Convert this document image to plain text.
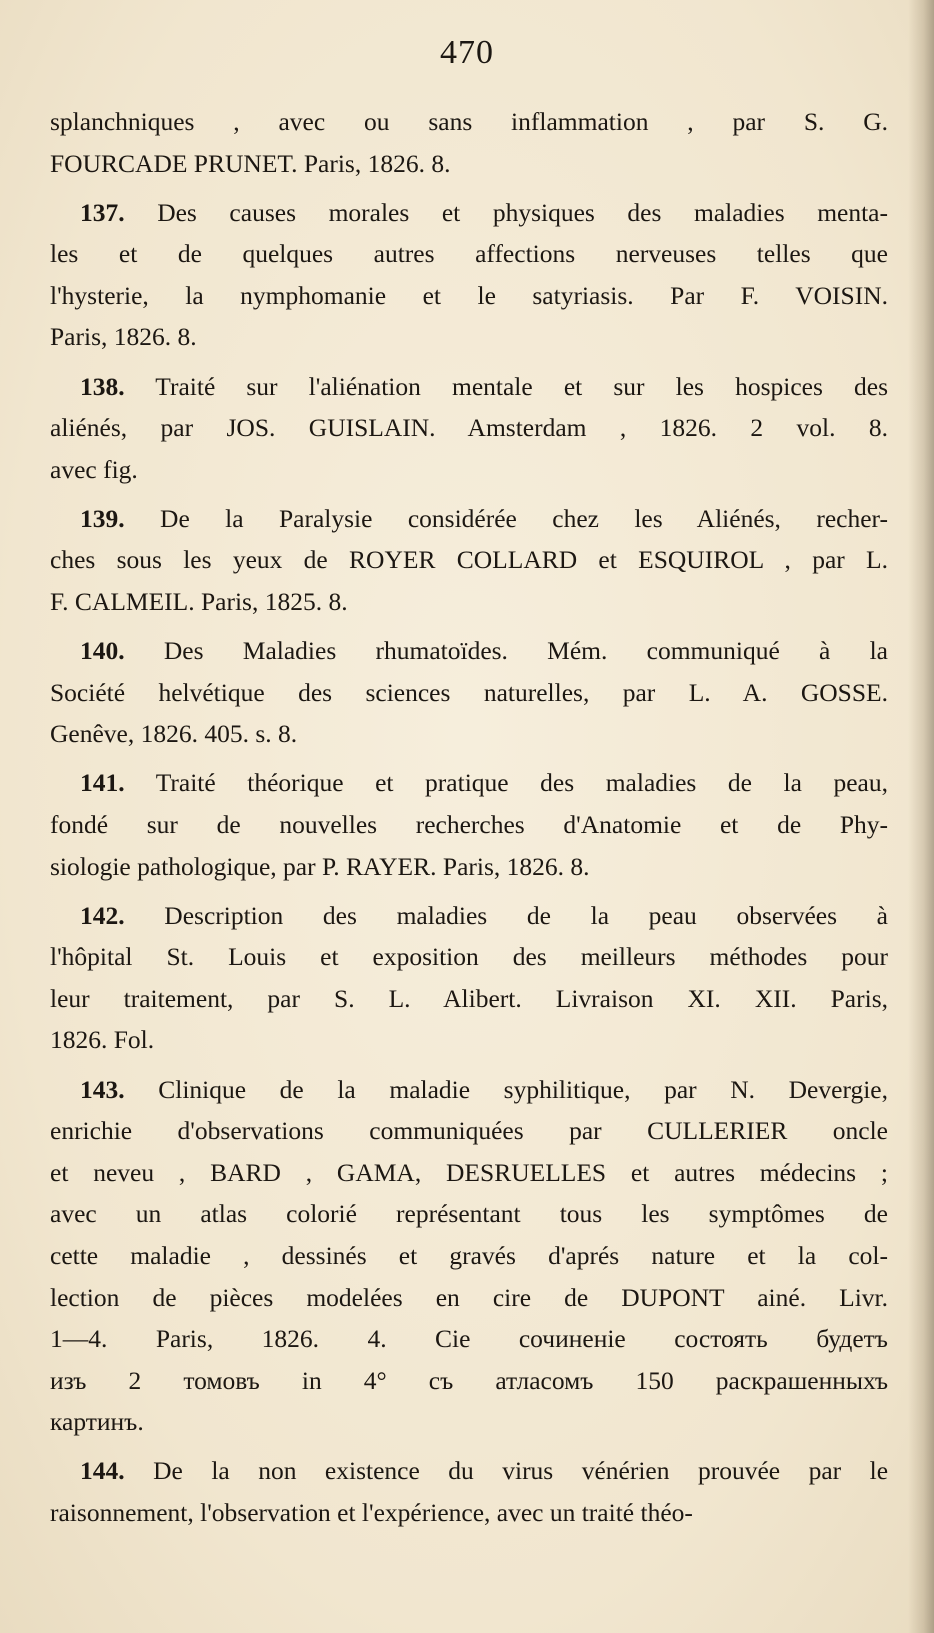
470
splanchniques , avec ou sans inflammation , par S. G.
FOURCADE PRUNET. Paris, 1826. 8.
137. Des causes morales et physiques des maladies menta-
les et de quelques autres affections nerveuses telles que
l'hysterie, la nymphomanie et le satyriasis. Par F. VOISIN.
Paris, 1826. 8.
138. Traité sur l'aliénation mentale et sur les hospices des
aliénés, par JOS. GUISLAIN. Amsterdam , 1826. 2 vol. 8.
avec fig.
139. De la Paralysie considérée chez les Aliénés, recher-
ches sous les yeux de ROYER COLLARD et ESQUIROL , par L.
F. CALMEIL. Paris, 1825. 8.
140. Des Maladies rhumatoïdes. Mém. communiqué à la
Société helvétique des sciences naturelles, par L. A. GOSSE.
Genêve, 1826. 405. s. 8.
141. Traité théorique et pratique des maladies de la peau,
fondé sur de nouvelles recherches d'Anatomie et de Phy-
siologie pathologique, par P. RAYER. Paris, 1826. 8.
142. Description des maladies de la peau observées à
l'hôpital St. Louis et exposition des meilleurs méthodes pour
leur traitement, par S. L. Alibert. Livraison XI. XII. Paris,
1826. Fol.
143. Clinique de la maladie syphilitique, par N. Devergie,
enrichie d'observations communiquées par CULLERIER oncle
et neveu , BARD , GAMA, DESRUELLES et autres médecins ;
avec un atlas colorié représentant tous les symptômes de
cette maladie , dessinés et gravés d'aprés nature et la col-
lection de pièces modelées en cire de DUPONT ainé. Livr.
1—4. Paris, 1826. 4. Сie сочиненie состоять будетъ
изъ 2 томовъ in 4° съ атласомъ 150 раскрашенныхъ
картинъ.
144. De la non existence du virus vénérien prouvée par le
raisonnement, l'observation et l'expérience, avec un traité théo-
